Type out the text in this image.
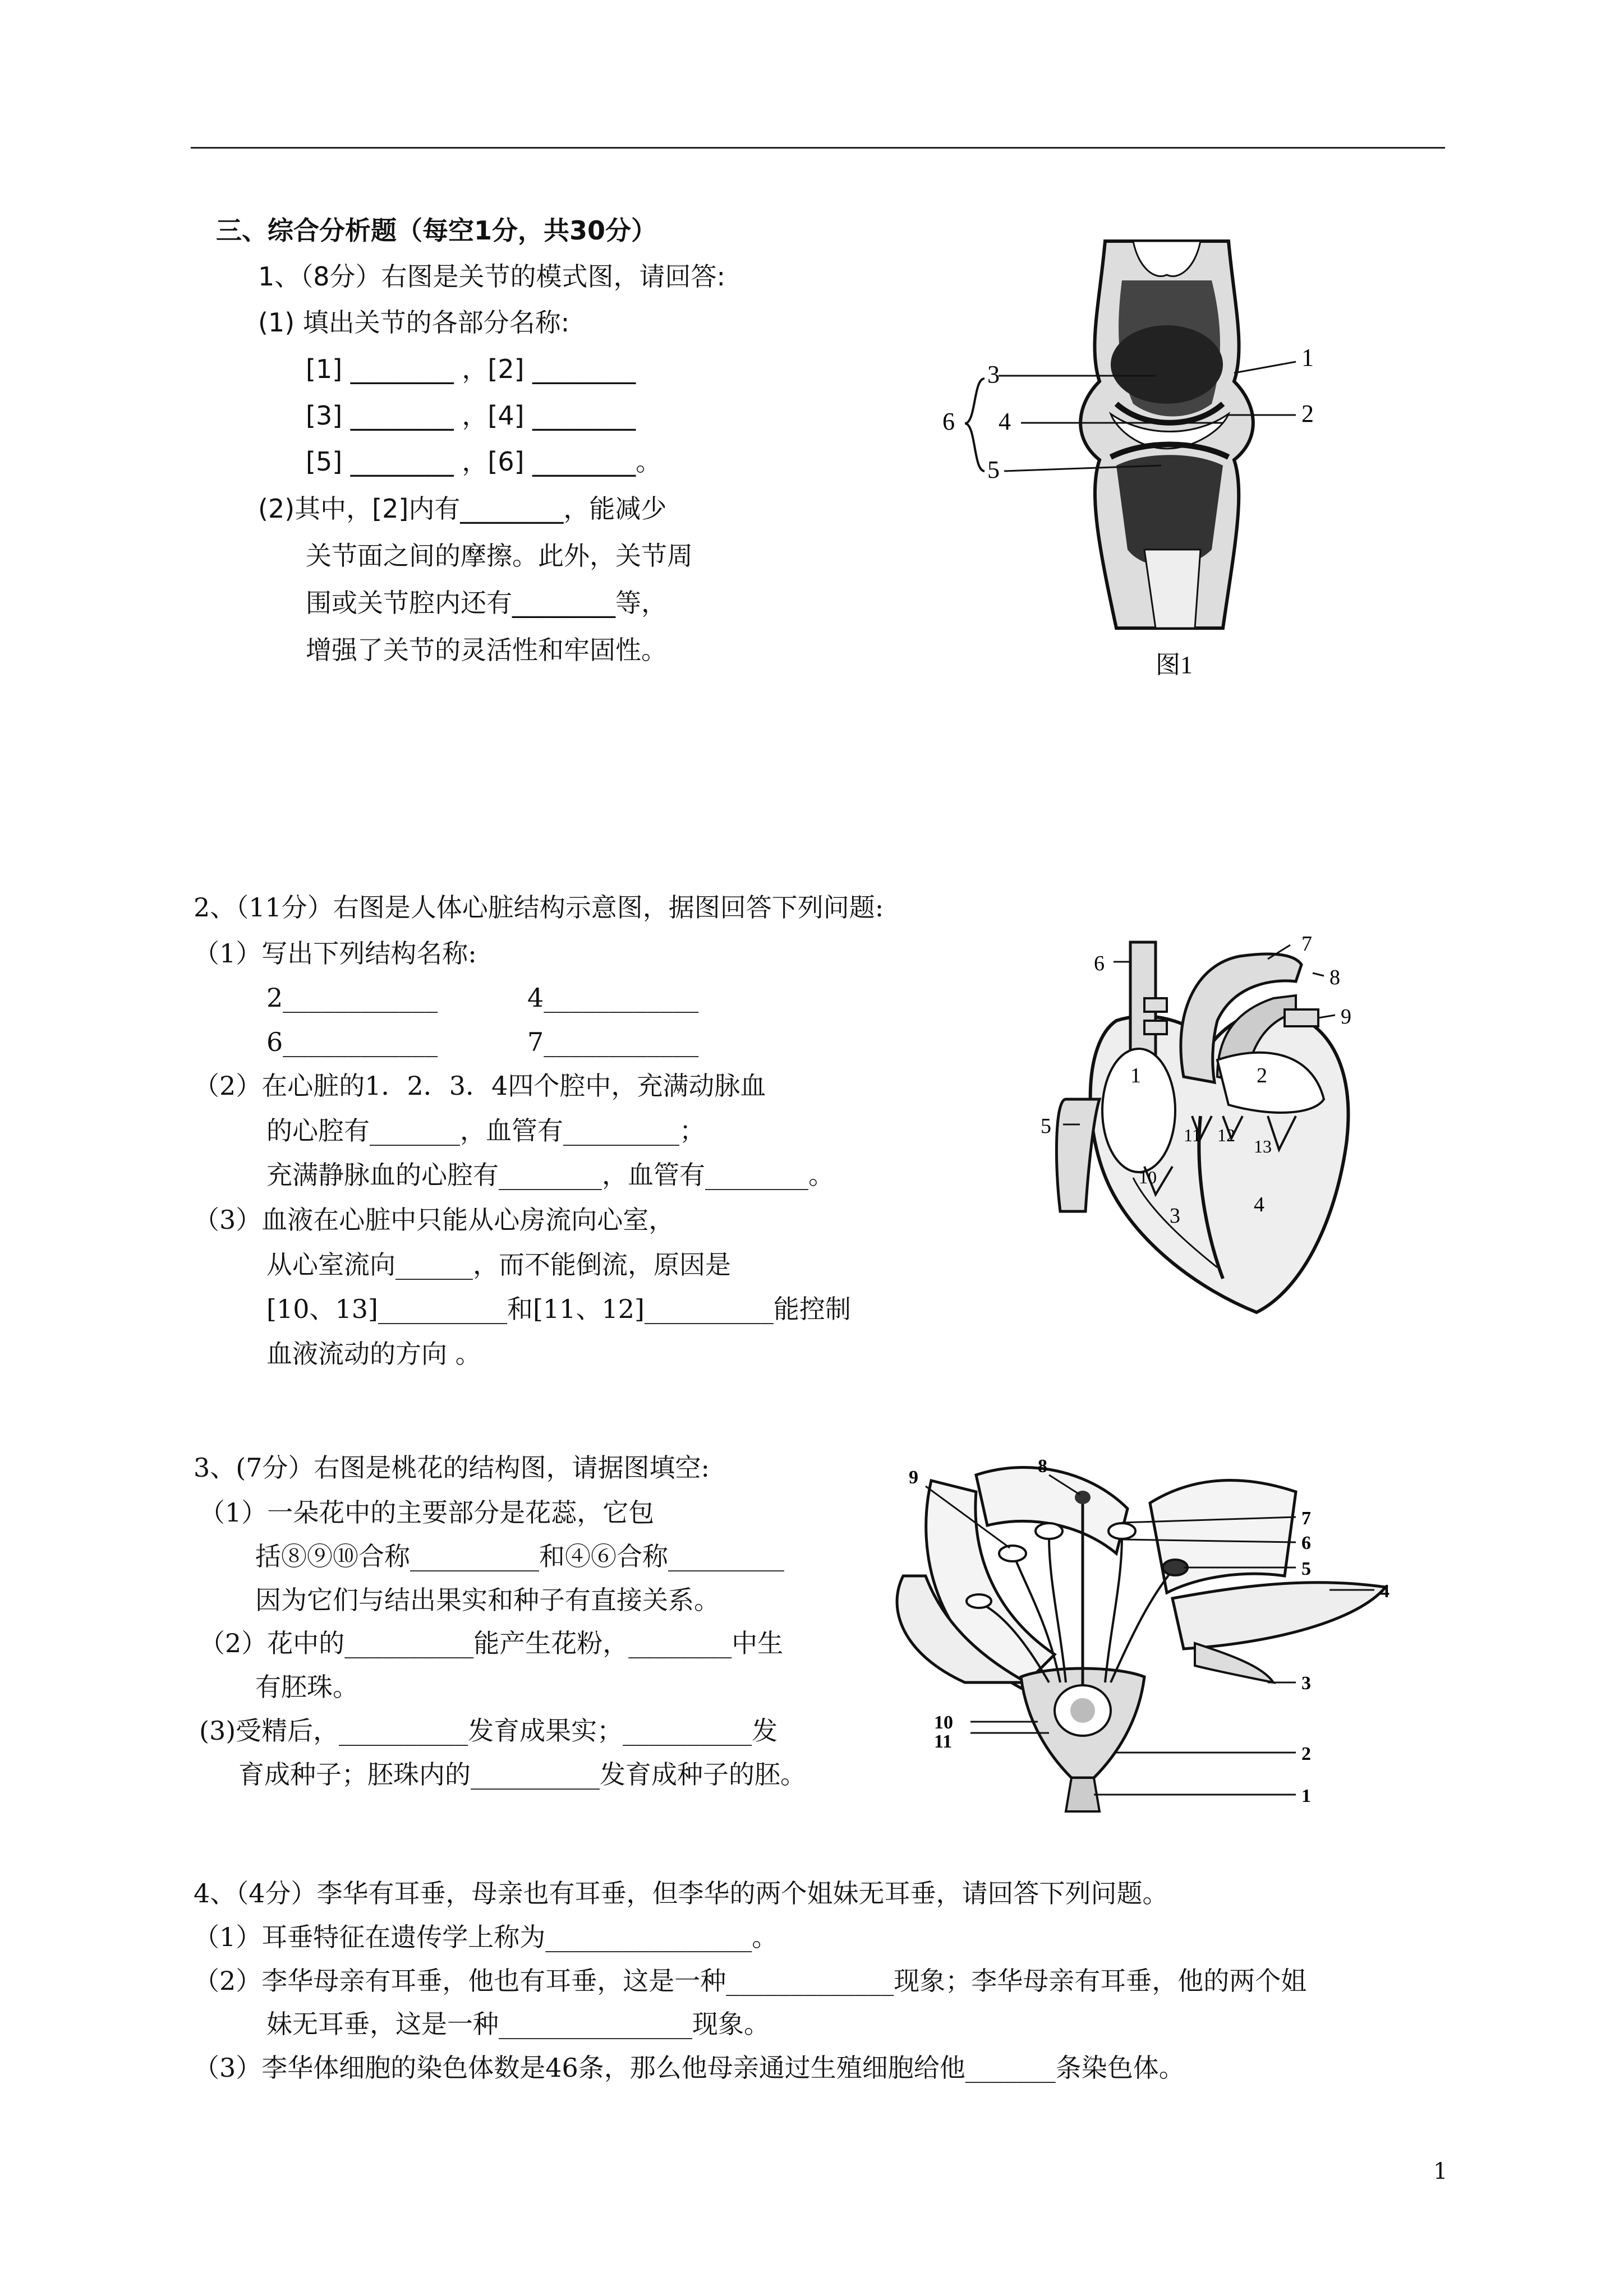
三、综合分析题（每空1分，共30分）
1、（8分）右图是关节的模式图，请回答:
(1) 填出关节的各部分名称:
[1] ________ ，[2] ________
[3] ________ ，[4] ________
[5] ________ ，[6] ________。
(2)其中，[2]内有________，能减少
关节面之间的摩擦。此外，关节周
围或关节腔内还有________等，
增强了关节的灵活性和牢固性。
3
1
4	2
5
6
图1
2、（11分）右图是人体心脏结构示意图，据图回答下列问题:
（1）写出下列结构名称:
2____________	4____________
6____________	7____________
（2）在心脏的1．2．3．4四个腔中，充满动脉血
的心腔有_______，血管有_________；
充满静脉血的心腔有________，血管有________。
（3）血液在心脏中只能从心房流向心室，
从心室流向______，而不能倒流，原因是
[10、13]__________和[11、12]__________能控制
血液流动的方向 。
7
8
9
6
5
1	2
3	4
10
11 12
13
3、(7分）右图是桃花的结构图，请据图填空:
（1）一朵花中的主要部分是花蕊，它包
括⑧⑨⑩合称__________和④⑥合称_________
因为它们与结出果实和种子有直接关系。
（2）花中的__________能产生花粉，________中生
有胚珠。
(3)受精后，__________发育成果实；__________发
育成种子；胚珠内的__________发育成种子的胚。
8
9
7
6
5
4
3
2
1
10
11
4、（4分）李华有耳垂，母亲也有耳垂，但李华的两个姐妹无耳垂，请回答下列问题。
（1）耳垂特征在遗传学上称为________________。
（2）李华母亲有耳垂，他也有耳垂，这是一种_____________现象；李华母亲有耳垂，他的两个姐
妹无耳垂，这是一种_______________现象。
（3）李华体细胞的染色体数是46条，那么他母亲通过生殖细胞给他_______条染色体。
1
